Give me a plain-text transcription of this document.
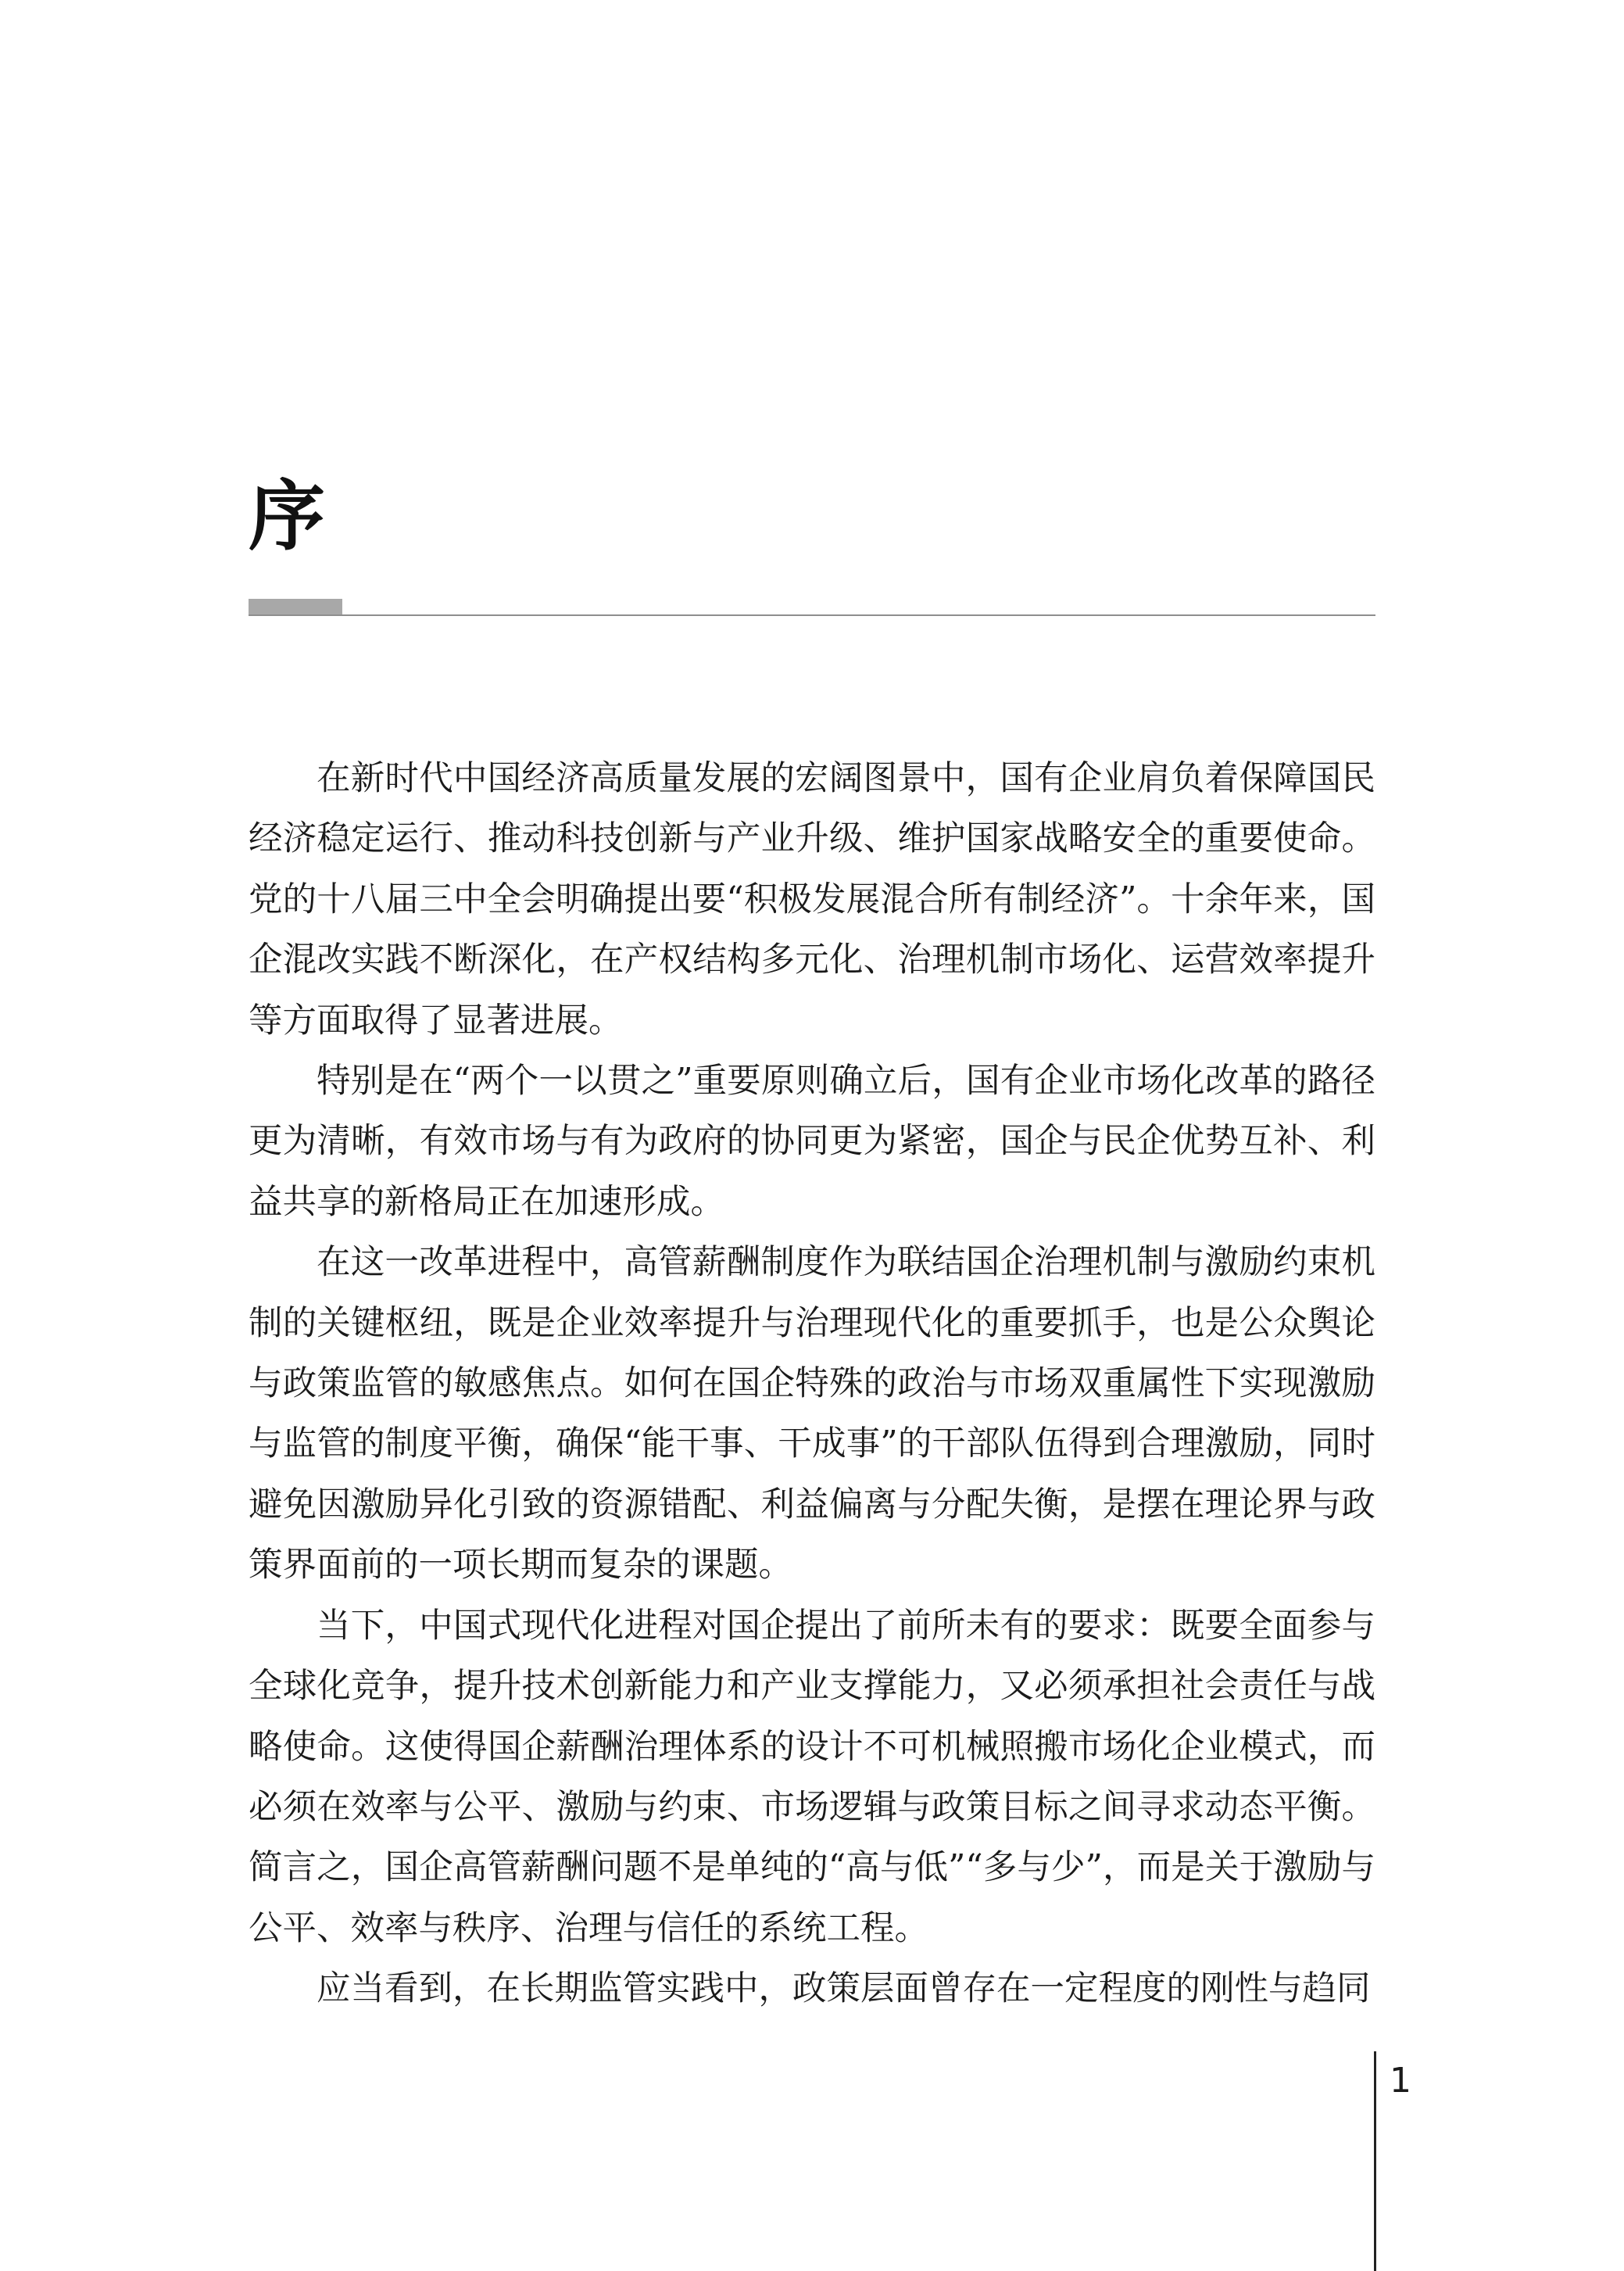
序

在新时代中国经济高质量发展的宏阔图景中，国有企业肩负着保障国民经济稳定运行、推动科技创新与产业升级、维护国家战略安全的重要使命。党的十八届三中全会明确提出要“积极发展混合所有制经济”。十余年来，国企混改实践不断深化，在产权结构多元化、治理机制市场化、运营效率提升等方面取得了显著进展。

特别是在“两个一以贯之”重要原则确立后，国有企业市场化改革的路径更为清晰，有效市场与有为政府的协同更为紧密，国企与民企优势互补、利益共享的新格局正在加速形成。

在这一改革进程中，高管薪酬制度作为联结国企治理机制与激励约束机制的关键枢纽，既是企业效率提升与治理现代化的重要抓手，也是公众舆论与政策监管的敏感焦点。如何在国企特殊的政治与市场双重属性下实现激励与监管的制度平衡，确保“能干事、干成事”的干部队伍得到合理激励，同时避免因激励异化引致的资源错配、利益偏离与分配失衡，是摆在理论界与政策界面前的一项长期而复杂的课题。

当下，中国式现代化进程对国企提出了前所未有的要求：既要全面参与全球化竞争，提升技术创新能力和产业支撑能力，又必须承担社会责任与战略使命。这使得国企薪酬治理体系的设计不可机械照搬市场化企业模式，而必须在效率与公平、激励与约束、市场逻辑与政策目标之间寻求动态平衡。简言之，国企高管薪酬问题不是单纯的“高与低”“多与少”，而是关于激励与公平、效率与秩序、治理与信任的系统工程。

应当看到，在长期监管实践中，政策层面曾存在一定程度的刚性与趋同

1
